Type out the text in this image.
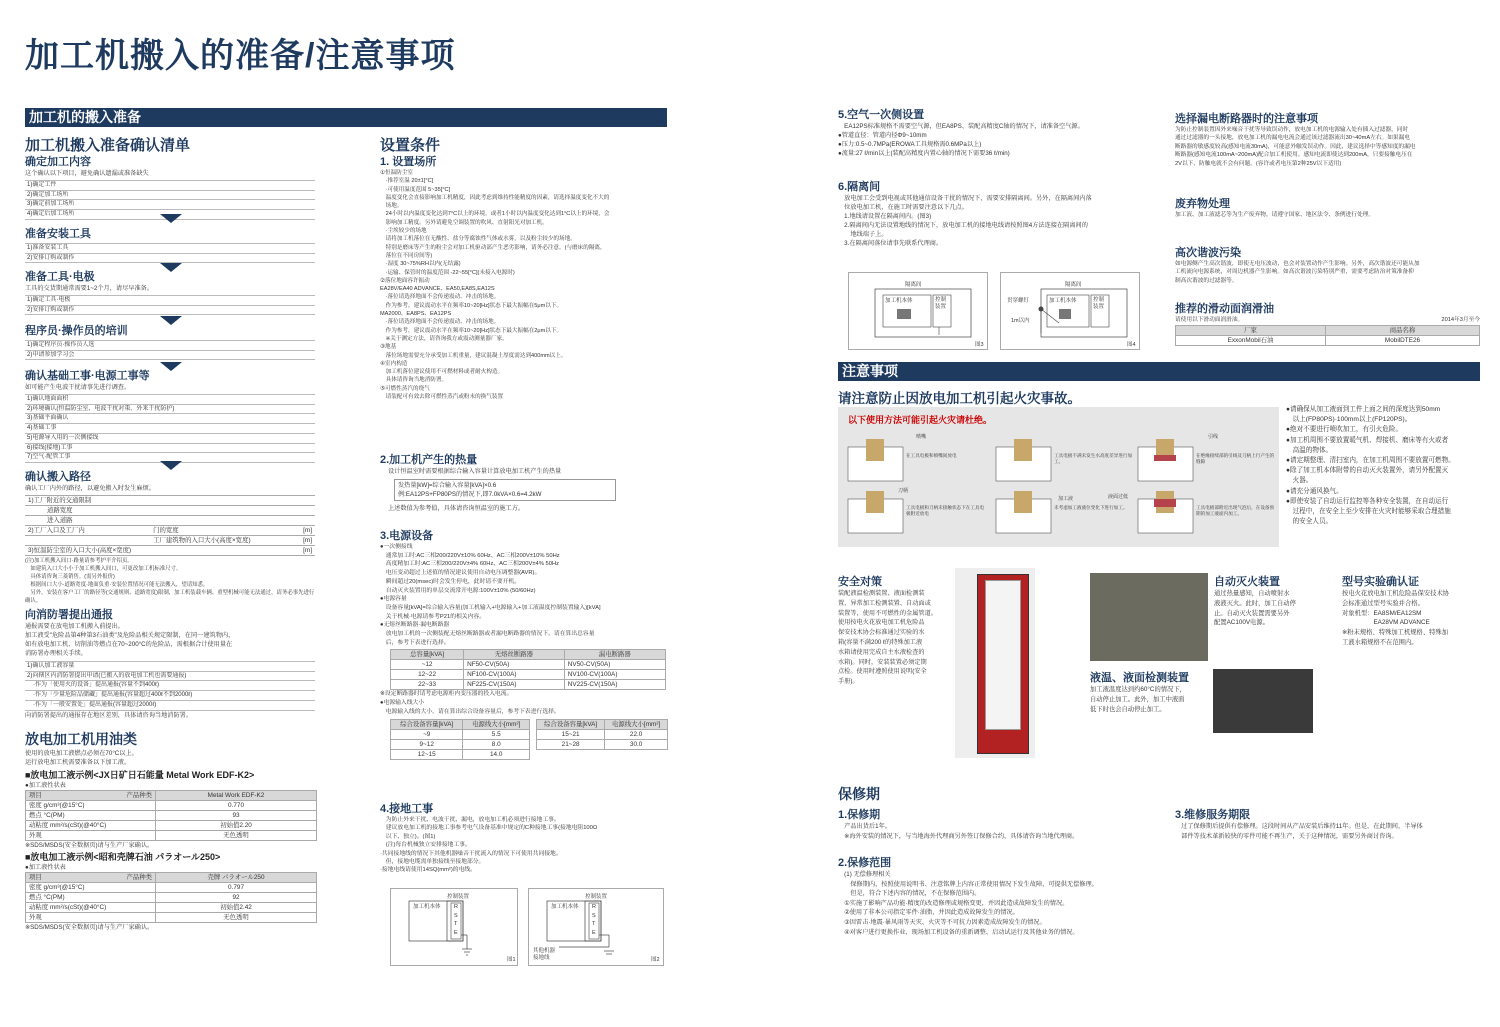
加工机搬入的准备/注意事项
加工机的搬入准备
加工机搬入准备确认清单
确定加工内容
这个确认以下项目，避免确认遗漏或准备缺失
1)确定工件
2)确定加工场所
3)确定前加工场所
4)确定后加工场所
准备安装工具
1)准备安装工具
2)安排订购或制作
准备工具·电极
工具的交货期通常需要1~2个月，请尽早准备。
1)确定工具·电极
2)安排订购或制作
程序员·操作员的培训
1)确定程序员·操作员人选
2)申请参加学习会
确认基础工事·电源工事等
如可能产生电波干扰请事先进行调查。
1)确认地面面积
2)环境确认(恒温防尘室、电波干扰对策、外来干扰防护)
3)基础平面确认
4)基础工事
5)电源导入用的一次侧接线
6)接线(接地)工事
7)空气·配管工事
确认搬入路径
确认工厂内外的路径，以避免搬入时发生麻烦。
1)工厂附近的交通限制		
道路宽度		
进入道路		
2)工厂入口及工厂内	门的宽度	[m]
	工厂建筑物的入口大小(高度×宽度)	[m]
3)恒温防尘室的入口大小(高度×宽度)		[m]
(注)加工机搬入间口·路量请参考护平介绍页。
　如建筑入口大小小于加工机搬入间口，可更改加工机标准尺寸。
　具体请咨询三菱销售。(需另外报价)
　根据间口大小·道路宽度·地面负重·安装位置情况可能无法搬入，望请知悉。
　另外，安装在客户工厂的路径等(交通规则、道路宽度)限制，加工机装载车辆、重型机械可能无法通过，请务必事先进行确认。
向消防署提出通报
通报需要在放电加工机搬入前提出。
加工液受"危险品第4种第3石油类"及危险品相关规定限制，在同一建筑物内，
如有放电加工机、切削油等燃点在70~200°C的危险品，需根据合计使用量在
消防署办理相关手续。
1)确认加工液容量
2)向辖区内消防署提出申请(已搬入的放电加工机也需要通报)
　·作为「使用火的设备」提出通报(容量不到400ℓ)
　·作为「少量危险品储藏」提出通报(容量超过400ℓ不到2000ℓ)
　·作为「一般安置处」提出通报(容量超过2000ℓ)
向消防署提出的通报存在地区差别，具体请咨询当地消防署。
放电加工机用油类
使用的放电加工液燃点必须在70°C以上。
运行放电加工机需要准备以下加工液。
■放电加工液示例<JX日矿日石能量 Metal Work EDF-K2>
●加工液性状表
项目 产品种类	Metal Work EDF-K2
密度 g/cm³(@15°C)	0.770
燃点 °C(PM)	93
动粘度 mm²/s(cSt)(@40°C)	初始值2.20
外观	无色透明
※SDS/MSDS(安全数据页)请与生产厂家确认。
■放电加工液示例<昭和壳牌石油 パラオール250>
●加工液性状表
项目 产品种类	壳牌 パラオール250
密度 g/cm³(@15°C)	0.797
燃点 °C(PM)	92
动粘度 mm²/s(cSt)(@40°C)	初始值2.42
外观	无色透明
※SDS/MSDS(安全数据页)请与生产厂家确认。
设置条件
1. 设置场所
①恒温防尘室
　·推荐室温 20±1[°C]
　·可使用温度范围 5~35[°C]
　温度变化会直接影响加工机精度，因此考虑到维持性能精度的因素，请选择温度变化不大的
　场地。
　24小时以内温度变化达到7°C以上的环境，或者1小时以内温度变化达到1°C以上的环境，会
　影响加工精度。另外请避免空调装置的吹风、直射阳光对加工机。
　·尘埃较少的场地
　请将加工机落位在无酸性、盐分等腐蚀性气体或水雾，以及粉尘较少的场地。
　特别是磨床等产生的粉尘会对加工机驱动部产生恶劣影响，请务必注意。(与磨床的隔离，
　落位在不同房间等)
　·湿度 30~75%RH以内(无结露)
　·运输、保管时的温度范围 -22~55[°C](未接入电源时)
②落位地面容许振动
EA28V/EA40 ADVANCE、EA50,EA8S,EA12S
　·落位请选择地面不会传递震动、冲击的场地。
　作为参考，建议震动水平在频率10~20[Hz]状态下最大振幅在5μm以下。
MA2000、EA8PS、EA12PS
　·落位请选择地面不会传递震动、冲击的场地。
　作为参考，建议震动水平在频率10~20[Hz]状态下最大振幅在2μm以下。
　※关于测定方法，请咨询我方或震动测量器厂家。
③地基
　落位场地需要充分承受加工机重量，建议混凝土厚度需达到400mm以上。
④室内构造
　加工机落位建议使用不可燃材料或者耐火构造。
　具体请咨询当地消防署。
⑤可燃性蒸汽的绕气
　请装配可有效去除可燃性蒸汽或粉末的换气装置
2.加工机产生的热量
设计恒温室时需要根据综合输入容量计算放电加工机产生的热量
发热量[kW]=综合输入容量[kVA]×0.6
例:EA12PS+FP80PS的情况下,即7.0kVA×0.6=4.2kW
上述数值为参考值，具体请咨询恒温室的施工方。
3.电源设备
●一次侧接线
　通常加工时:AC三相200/220V±10% 60Hz、AC三相200V±10% 50Hz
　高度精加工时:AC三相200/220V±4% 60Hz、AC三相200V±4% 50Hz
　电压变动超过上述值的情况建议使用自动电压调整器(AVR)。
　瞬间超过20(msec)时会发生停电，此时请不要开机。
　自动灭火装置用的单层交流常开电源:100V±10% (50/60Hz)
●电源容量
　设备容量[kVA]=综合输入容量(加工机输入+电源输入+加工液温度控制装置输入)[kVA]
　关于机械·电源请参考P21的相关内容。
●无熔丝断路器·漏电断路器
　放电加工机的一次侧装配无熔丝断路器或者漏电断路器的情况下，请在算出总容量
　后，参考下表进行选择。
总容量[kVA]	无熔丝断路器	漏电断路器
~12	NF50-CV(50A)	NV50-CV(50A)
12~22	NF100-CV(100A)	NV100-CV(100A)
22~33	NF225-CV(150A)	NV225-CV(150A)
※设定断路器时请考虑电源柜内变压器的投入电流。
●电源输入线大小
　电源输入线的大小，请在算出综合设备容量后，参考下表进行选择。
综合设备容量[kVA]	电源线大小[mm²]
~9	5.5
9~12	8.0
12~15	14.0
综合设备容量[kVA]	电源线大小[mm²]
15~21	22.0
21~28	30.0
4.接地工事
　为防止外来干扰、电波干扰、漏电，放电加工机必须进行接地工事。
　建议放电加工机的接地工事参考电气设备基准中规定的C种接地工事(接地电阻100Ω
　以下、独立)。(图1)
　(注)每台机械独立安排接地工事。
·共同接地线的情况下其他机器噪音干扰流入的情况下可使用共同接地。
　但，接地电缆需单独接线至接地部分。
·接地电线请使用14SQ(mm²)的电线。
控制装置
加工机本体 R
S
T
E
图1
控制装置
加工机本体 R
S
T
E
其他机器
接地线	图2
5.空气一次侧设置
　EA12PS标准规格不需要空气源，但EA8PS、装配高精度C轴的情况下，请准备空气源。
●管道直径：管道内径Φ9~10mm
●压力:0.5~0.7MPa(EROWA工具规格需0.6MPa以上)
●流量:27 ℓ/min以上(装配高精度内置心轴的情况下需要36 ℓ/min)
6.隔离间
　放电加工会受到电视或其他通信设备干扰的情况下，需要安排隔离间。另外，在隔离间内落
　位放电加工机，在施工时需要注意以下几点。
　1.地线请设置在隔离间内。(图3)
　2.隔离间内无法设置地线的情况下，放电加工机的接地电线请按照图4方法连接在隔离间的
　　地线端子上。
　3.在隔离间落位请事先联系代理商。
隔离间
加工机本体	控制
装置
图3
隔离间
贯穿螺钉
1m以内
加工机本体	控制
装置
图4
选择漏电断路器时的注意事项
为防止控制装置因外来噪音干扰等导致误动作，放电加工机的电源输入处有插入过滤器，同时
通过过滤器的一头接地，放电加工机的漏电电流会通过该过滤器流出30~40mA左右。如果漏电
断路器的敏感度较高(感知电流30mA)，可能意外触发误动作。因此，建议选择中等感知度的漏电
断路器(感知电流100mA~200mA)配合加工机使用。感知电流即使达到200mA，只要接触电压在
2V以下，防触电就不会有问题。(容许或者电压第2种25V以下适用)
废弃物处理
加工液、加工液滤芯等为生产废弃物，请遵守国家、地区法令、条例进行处理。
高次谐波污染
如电源侧产生高次谐波，即使无电压波动，也会对装置动作产生影响。另外，高次谐波还可能从加
工机流向电源系统，对周边机器产生影响。如高次谐波污染特别严重，需要考虑防治对策准备抑
制高次谐波的过滤器等。
推荐的滑动面润滑油
请使用以下滑动面润滑油。	2014年3月至今
厂家	商品名称
ExxonMobil石油	MobilDTE26
注意事项
请注意防止因放电加工机引起火灾事故。
以下使用方法可能引起火灾请杜绝。
喷嘴	引线
刀柄
加工液	液面过低
在工具电极和喷嘴间放电	工具电极不满未发生水高度差异进行加工。
在绝缘接续部的引线及刀柄上行产生的缝隙
工具电极和刀柄未接触状态下在工具电极附近放电
未考虑加工液液位变化下进行加工。	工具电极部附近出现气泡后，在设备预期的加工液面内加工。
●请确保从加工液面到工件上面之间的深度达到50mm
　以上(FP80PS)·100mm以上(FP120PS)。
●绝对不要进行喷吹加工，有引火危险。
●加工机周围不要放置暖气机、焊接机、磨床等有火或者
　高温的物体。
●请定期整理、清扫室内，在加工机周围不要放置可燃物。
●除了加工机本体附带的自动灭火装置外，请另外配置灭
　火器。
●请充分通风换气。
●即使安装了自动运行监控等各种安全装置，在自动运行
　过程中，在安全上至少安排在火灾时能够采取合理措施
　的安全人员。
安全对策
装配液温检测装置、液面检测装
置、异常加工检测装置、自动面或
装置等，使用不可燃性的金属管道。
使用按电火花放电加工机危险品
保安技术协会标准通过实验的水
箱(容量不满200 ℓ的特殊加工液
水箱请使用完成自主水液检查的
水箱)。同时，安装装置必须定期
点检。使用时遵照使用说明(安全
手册)。
自动灭火装置
通过热量感知，自动喷射水
液液灭火。此时，加工自动停
止。自动灭火装置需要另外
配置AC100V电源。
液温、液面检测装置
加工液温度达到约60°C的情况下，
自动停止加工。此外，加工中液面
低下时也会自动停止加工。
型号实验确认证
按电火花放电加工机危险品保安技术协
会标准通过型号实验并合格。
对象机型：EA8SM/EA12SM
　　　　　EA28VM ADVANCE
※粉末规格、特殊加工机规格、特殊加
工液水箱规格不在范围内。
保修期
1.保修期
　产品出货后1年。
　※海外安装的情况下，与当地海外代理商另外签订保修合约，具体请咨询当地代理商。
2.保修范围
　(1) 无偿修理相关
　　保修期内，按照使用说明书、注意铭牌上内容正常使用情况下发生故障，可提供无偿修理。
　　但是，符合下述内容的情况，不在保修范围内。
　①实施了影响产品功能·精度的改造修理或规格变更，并因此造成故障发生的情况。
　②使用了非本公司指定零件·油脂，并因此造成故障发生的情况。
　③因雷击·地震·暴风雨等天灾、火灾等不可抗力因素造成故障发生的情况。
　④对客户进行更换作业、现场加工机设备的重新调整、启动试运行及其他业务的情况。
3.维修服务期限
　过了保修期后提供有偿修理。这段时间从产品安装后维持11年。但是，在此期间，半导体
　部件等技术革新较快的零件可能不再生产，关于这种情况，需要另外商讨咨询。
